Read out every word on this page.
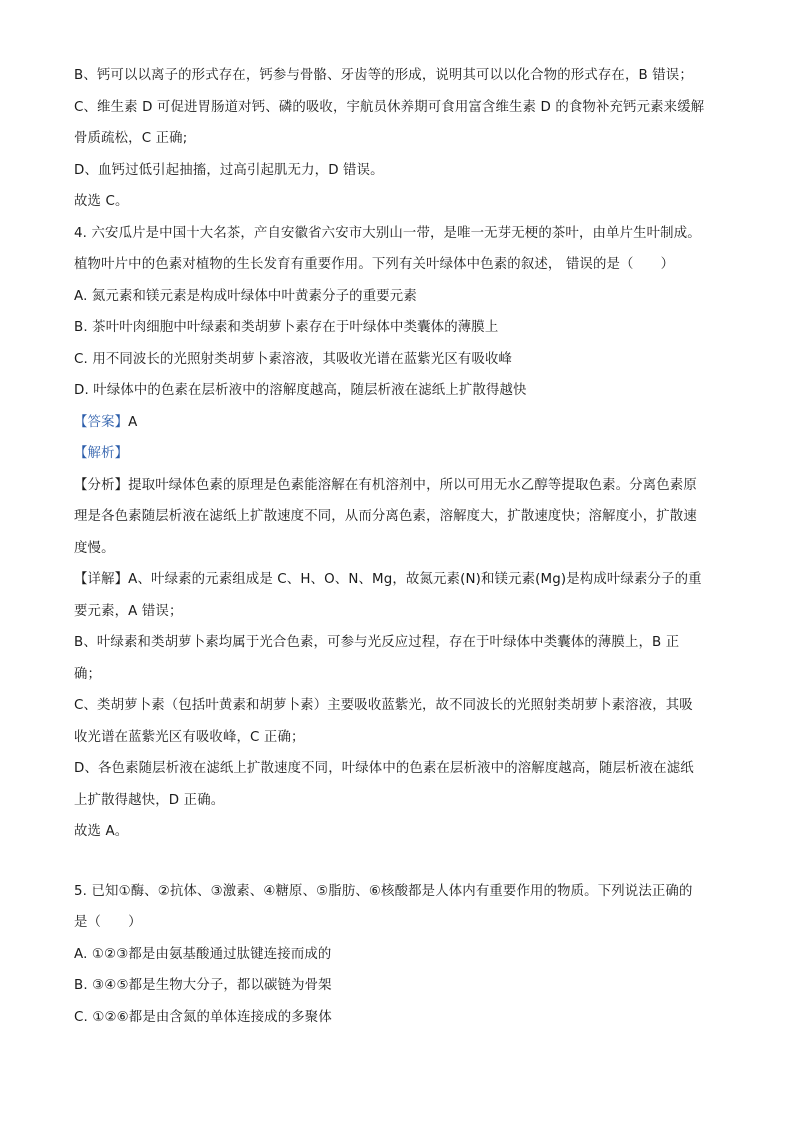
B、钙可以以离子的形式存在，钙参与骨骼、牙齿等的形成，说明其可以以化合物的形式存在，B 错误；
C、维生素 D 可促进胃肠道对钙、磷的吸收，宇航员休养期可食用富含维生素 D 的食物补充钙元素来缓解
骨质疏松，C 正确;
D、血钙过低引起抽搐，过高引起肌无力，D 错误。
故选 C。
4. 六安瓜片是中国十大名茶，产自安徽省六安市大别山一带，是唯一无芽无梗的茶叶，由单片生叶制成。
植物叶片中的色素对植物的生长发育有重要作用。下列有关叶绿体中色素的叙述， 错误的是（　　）
A. 氮元素和镁元素是构成叶绿体中叶黄素分子的重要元素
B. 茶叶叶肉细胞中叶绿素和类胡萝卜素存在于叶绿体中类囊体的薄膜上
C. 用不同波长的光照射类胡萝卜素溶液，其吸收光谱在蓝紫光区有吸收峰
D. 叶绿体中的色素在层析液中的溶解度越高，随层析液在滤纸上扩散得越快
【答案】A
【解析】
【分析】提取叶绿体色素的原理是色素能溶解在有机溶剂中，所以可用无水乙醇等提取色素。分离色素原
理是各色素随层析液在滤纸上扩散速度不同，从而分离色素，溶解度大，扩散速度快；溶解度小，扩散速
度慢。
【详解】A、叶绿素的元素组成是 C、H、O、N、Mg，故氮元素(N)和镁元素(Mg)是构成叶绿素分子的重
要元素，A 错误；
B、叶绿素和类胡萝卜素均属于光合色素，可参与光反应过程，存在于叶绿体中类囊体的薄膜上，B 正
确；
C、类胡萝卜素（包括叶黄素和胡萝卜素）主要吸收蓝紫光，故不同波长的光照射类胡萝卜素溶液，其吸
收光谱在蓝紫光区有吸收峰，C 正确；
D、各色素随层析液在滤纸上扩散速度不同，叶绿体中的色素在层析液中的溶解度越高，随层析液在滤纸
上扩散得越快，D 正确。
故选 A。
5. 已知①酶、②抗体、③激素、④糖原、⑤脂肪、⑥核酸都是人体内有重要作用的物质。下列说法正确的
是（　　）
A. ①②③都是由氨基酸通过肽键连接而成的
B. ③④⑤都是生物大分子，都以碳链为骨架
C. ①②⑥都是由含氮的单体连接成的多聚体
